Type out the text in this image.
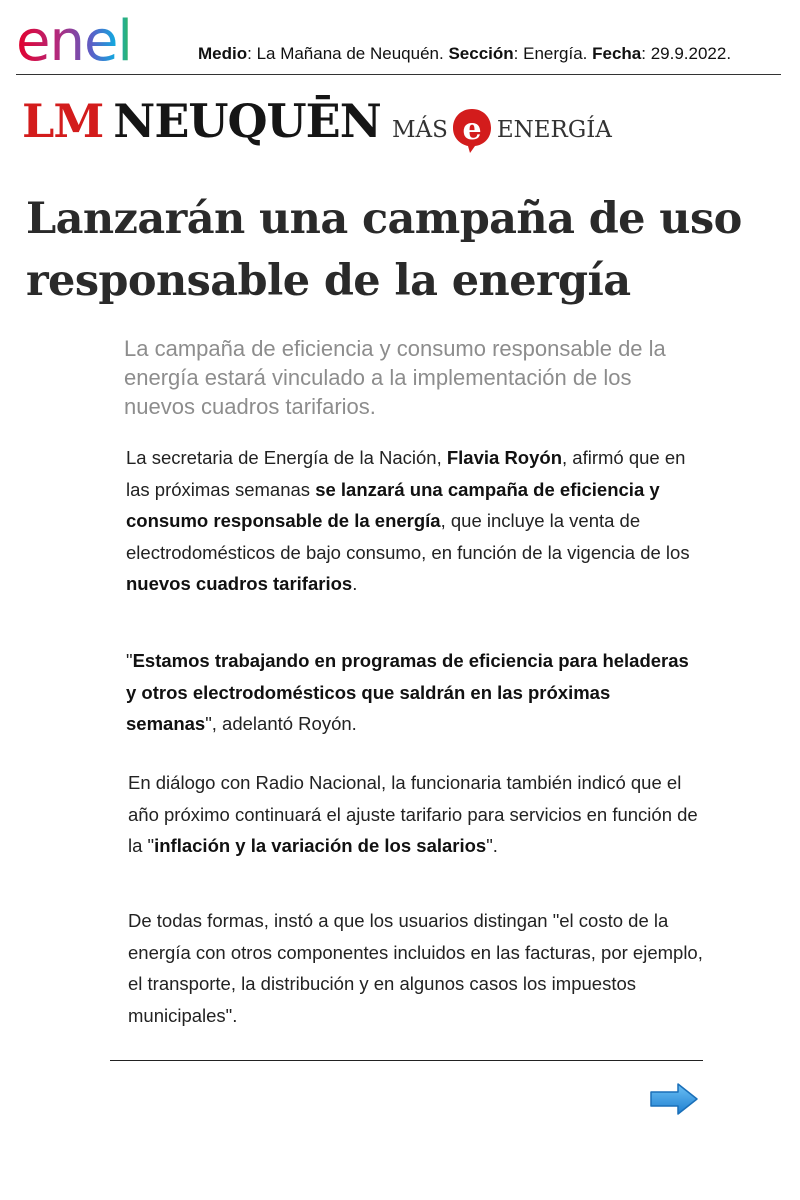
enel	Medio: La Mañana de Neuquén. Sección: Energía. Fecha: 29.9.2022.
LM NEUQUĒN MÁS e ENERGÍA
Lanzarán una campaña de uso responsable de la energía

La campaña de eficiencia y consumo responsable de la energía estará vinculado a la implementación de los nuevos cuadros tarifarios.

La secretaria de Energía de la Nación, Flavia Royón, afirmó que en las próximas semanas se lanzará una campaña de eficiencia y consumo responsable de la energía, que incluye la venta de electrodomésticos de bajo consumo, en función de la vigencia de los nuevos cuadros tarifarios.

"Estamos trabajando en programas de eficiencia para heladeras y otros electrodomésticos que saldrán en las próximas semanas", adelantó Royón.

En diálogo con Radio Nacional, la funcionaria también indicó que el año próximo continuará el ajuste tarifario para servicios en función de la "inflación y la variación de los salarios".

De todas formas, instó a que los usuarios distingan "el costo de la energía con otros componentes incluidos en las facturas, por ejemplo, el transporte, la distribución y en algunos casos los impuestos municipales".
